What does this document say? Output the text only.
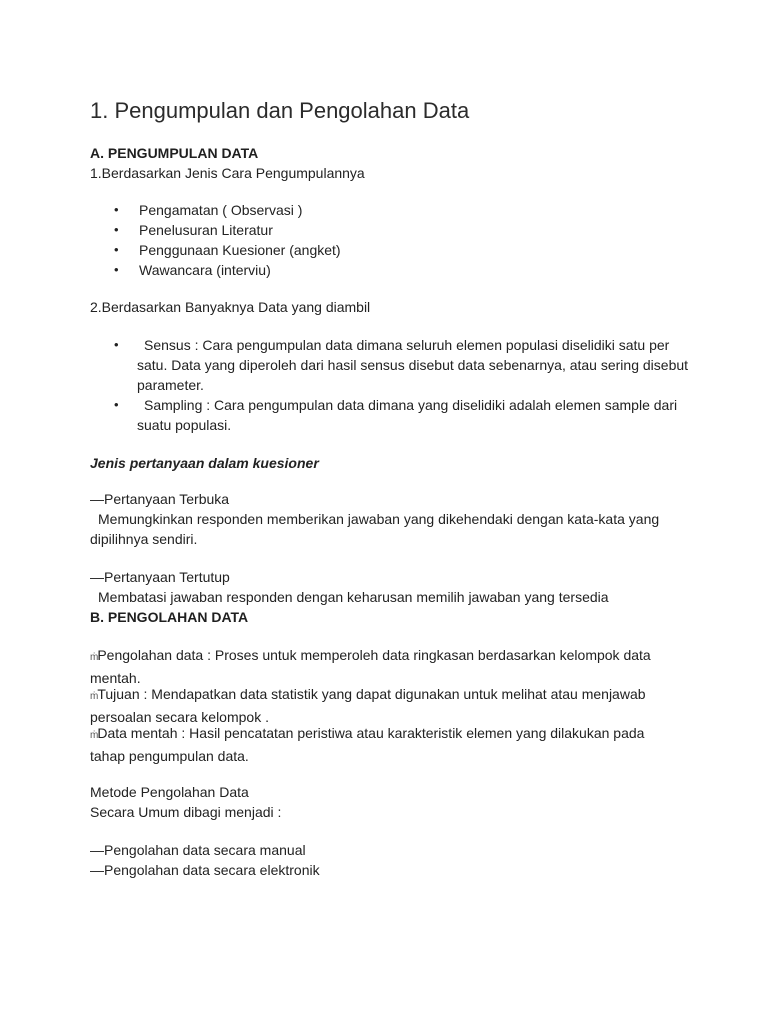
1. Pengumpulan dan Pengolahan Data
A. PENGUMPULAN DATA
1.Berdasarkan Jenis Cara Pengumpulannya
• Pengamatan ( Observasi )
• Penelusuran Literatur
• Penggunaan Kuesioner (angket)
• Wawancara (interviu)
2.Berdasarkan Banyaknya Data yang diambil
•	Sensus : Cara pengumpulan data dimana seluruh elemen populasi diselidiki satu per satu. Data yang diperoleh dari hasil sensus disebut data sebenarnya, atau sering disebut parameter.
•	Sampling : Cara pengumpulan data dimana yang diselidiki adalah elemen sample dari suatu populasi.
Jenis pertanyaan dalam kuesioner
—Pertanyaan Terbuka
Memungkinkan responden memberikan jawaban yang dikehendaki dengan kata-kata yang dipilihnya sendiri.
—Pertanyaan Tertutup
Membatasi jawaban responden dengan keharusan memilih jawaban yang tersedia
B. PENGOLAHAN DATA
ṁPengolahan data : Proses untuk memperoleh data ringkasan berdasarkan kelompok data mentah.
ṁTujuan : Mendapatkan data statistik yang dapat digunakan untuk melihat atau menjawab persoalan secara kelompok .
ṁData mentah : Hasil pencatatan peristiwa atau karakteristik elemen yang dilakukan pada tahap pengumpulan data.
Metode Pengolahan Data
Secara Umum dibagi menjadi :
—Pengolahan data secara manual
—Pengolahan data secara elektronik
